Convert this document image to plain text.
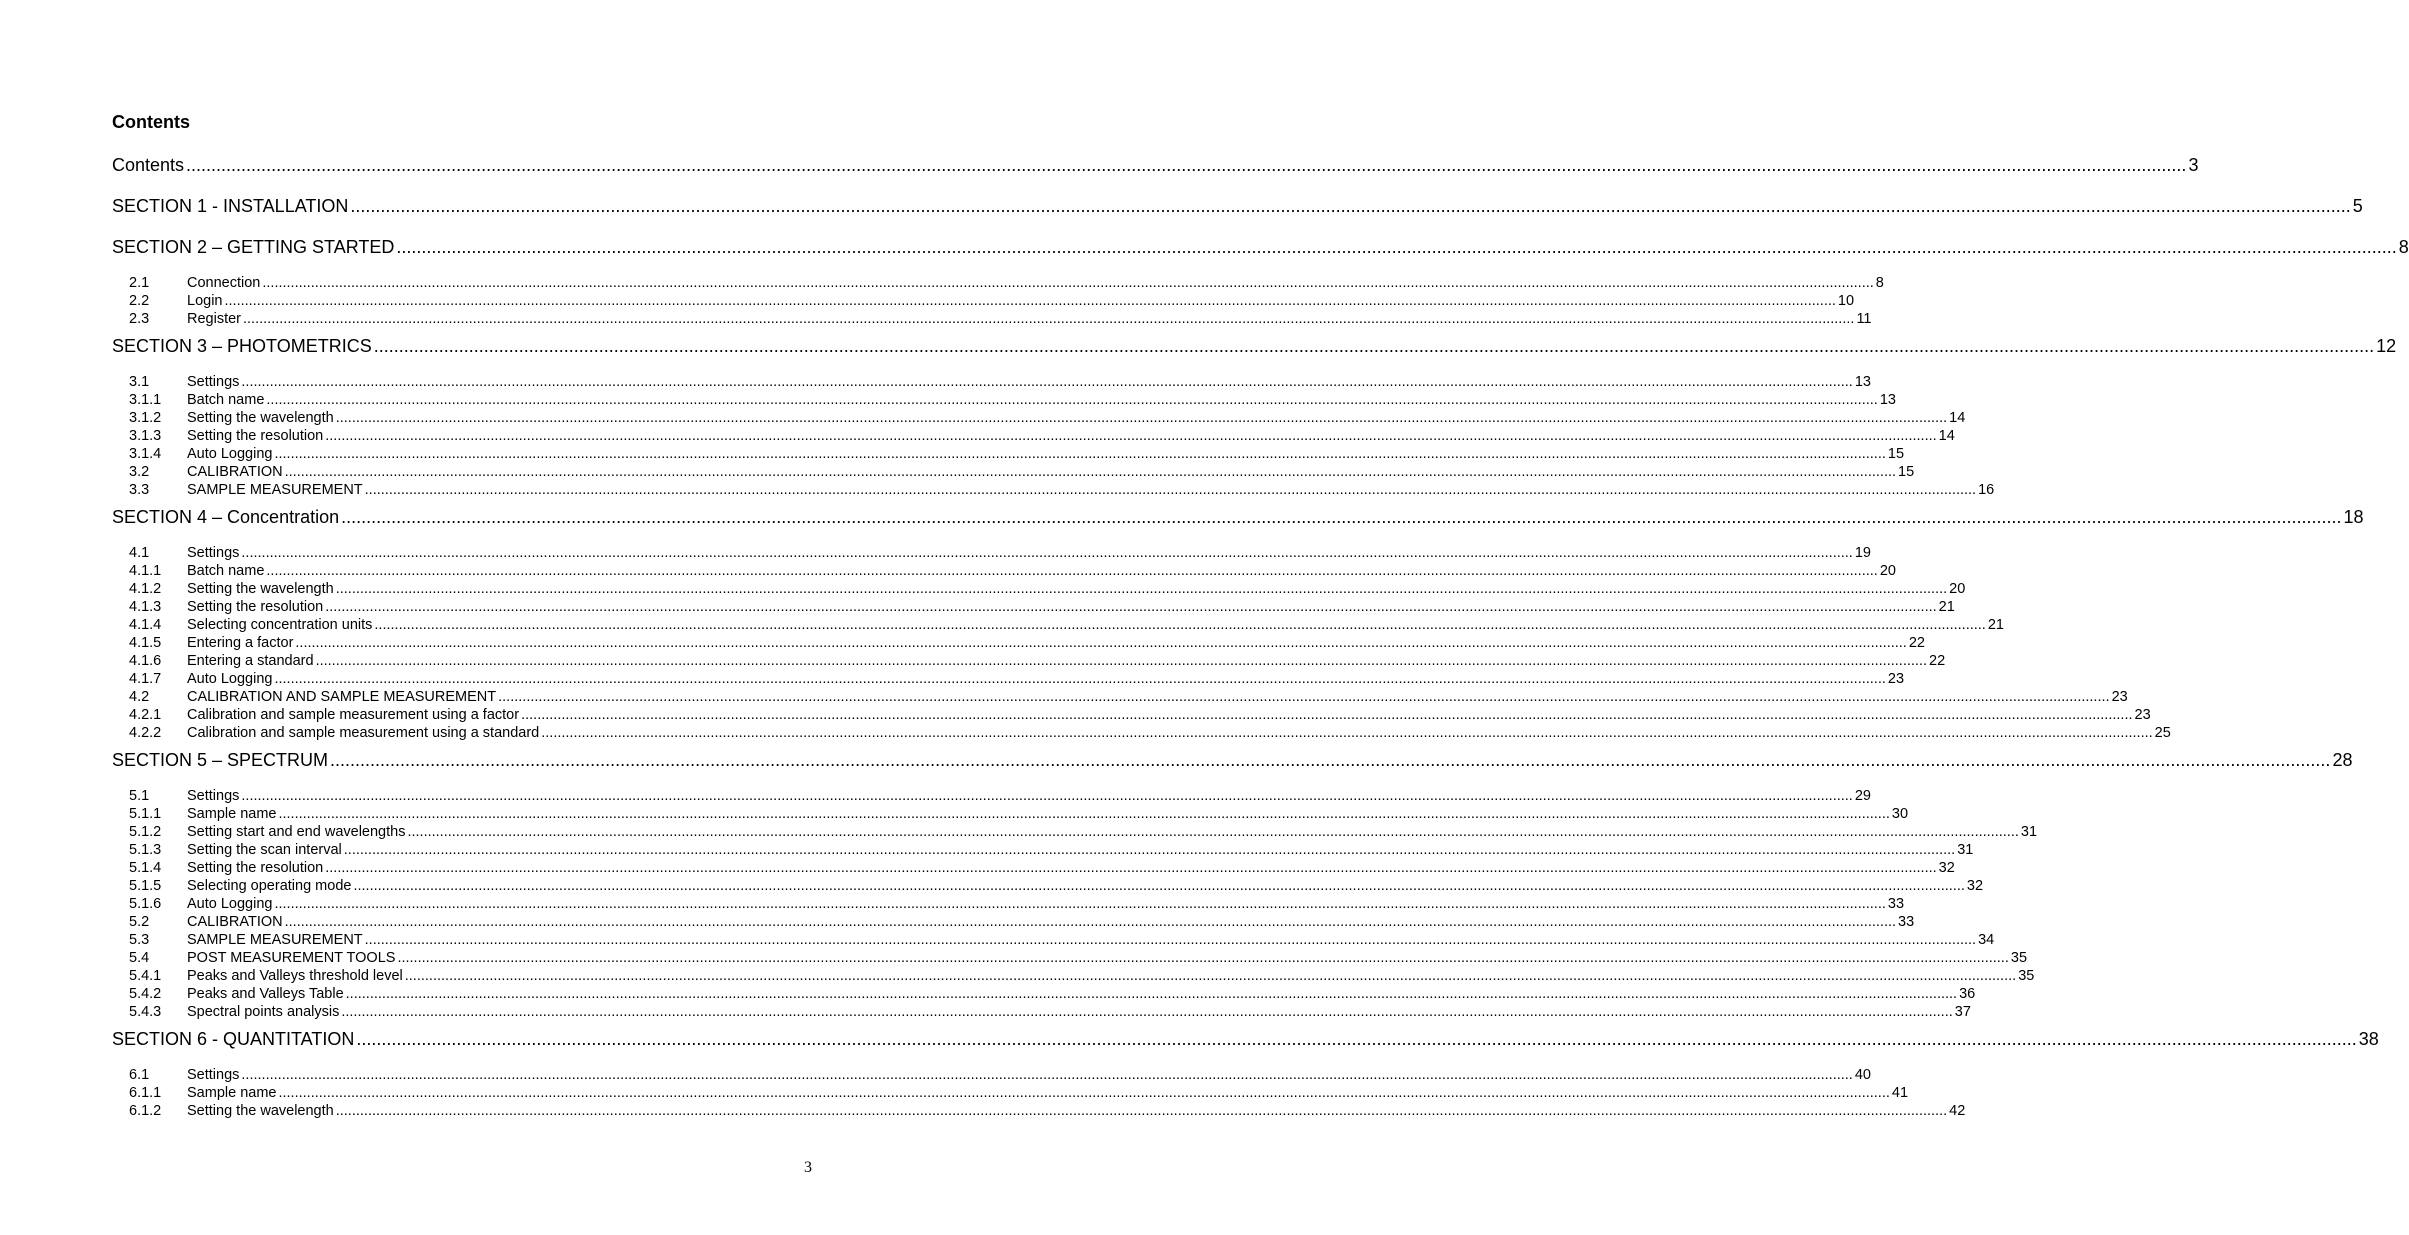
Contents
Contents ................................................................................................................................................................................................................................................................................................................................................................................................................ 3
SECTION 1 - INSTALLATION ................................................................................................................................................................................................................................................................................................................................................................................................................ 5
SECTION 2 – GETTING STARTED ................................................................................................................................................................................................................................................................................................................................................................................................................ 8
2.1	Connection ................................................................................................................................................................................................................................................................................................................................................................................................................ 8
2.2	Login ................................................................................................................................................................................................................................................................................................................................................................................................................ 10
2.3	Register ................................................................................................................................................................................................................................................................................................................................................................................................................ 11
SECTION 3 – PHOTOMETRICS ................................................................................................................................................................................................................................................................................................................................................................................................................ 12
3.1	Settings ................................................................................................................................................................................................................................................................................................................................................................................................................ 13
3.1.1	Batch name ................................................................................................................................................................................................................................................................................................................................................................................................................ 13
3.1.2	Setting the wavelength ................................................................................................................................................................................................................................................................................................................................................................................................................ 14
3.1.3	Setting the resolution ................................................................................................................................................................................................................................................................................................................................................................................................................ 14
3.1.4	Auto Logging ................................................................................................................................................................................................................................................................................................................................................................................................................ 15
3.2	CALIBRATION ................................................................................................................................................................................................................................................................................................................................................................................................................ 15
3.3	SAMPLE MEASUREMENT ................................................................................................................................................................................................................................................................................................................................................................................................................ 16
SECTION 4 – Concentration ................................................................................................................................................................................................................................................................................................................................................................................................................ 18
4.1	Settings ................................................................................................................................................................................................................................................................................................................................................................................................................ 19
4.1.1	Batch name ................................................................................................................................................................................................................................................................................................................................................................................................................ 20
4.1.2	Setting the wavelength ................................................................................................................................................................................................................................................................................................................................................................................................................ 20
4.1.3	Setting the resolution ................................................................................................................................................................................................................................................................................................................................................................................................................ 21
4.1.4	Selecting concentration units ................................................................................................................................................................................................................................................................................................................................................................................................................ 21
4.1.5	Entering a factor ................................................................................................................................................................................................................................................................................................................................................................................................................ 22
4.1.6	Entering a standard ................................................................................................................................................................................................................................................................................................................................................................................................................ 22
4.1.7	Auto Logging ................................................................................................................................................................................................................................................................................................................................................................................................................ 23
4.2	CALIBRATION AND SAMPLE MEASUREMENT ................................................................................................................................................................................................................................................................................................................................................................................................................ 23
4.2.1	Calibration and sample measurement using a factor ................................................................................................................................................................................................................................................................................................................................................................................................................ 23
4.2.2	Calibration and sample measurement using a standard ................................................................................................................................................................................................................................................................................................................................................................................................................ 25
SECTION 5 – SPECTRUM ................................................................................................................................................................................................................................................................................................................................................................................................................ 28
5.1	Settings ................................................................................................................................................................................................................................................................................................................................................................................................................ 29
5.1.1	Sample name ................................................................................................................................................................................................................................................................................................................................................................................................................ 30
5.1.2	Setting start and end wavelengths ................................................................................................................................................................................................................................................................................................................................................................................................................ 31
5.1.3	Setting the scan interval ................................................................................................................................................................................................................................................................................................................................................................................................................ 31
5.1.4	Setting the resolution ................................................................................................................................................................................................................................................................................................................................................................................................................ 32
5.1.5	Selecting operating mode ................................................................................................................................................................................................................................................................................................................................................................................................................ 32
5.1.6	Auto Logging ................................................................................................................................................................................................................................................................................................................................................................................................................ 33
5.2	CALIBRATION ................................................................................................................................................................................................................................................................................................................................................................................................................ 33
5.3	SAMPLE MEASUREMENT ................................................................................................................................................................................................................................................................................................................................................................................................................ 34
5.4	POST MEASUREMENT TOOLS ................................................................................................................................................................................................................................................................................................................................................................................................................ 35
5.4.1	Peaks and Valleys threshold level ................................................................................................................................................................................................................................................................................................................................................................................................................ 35
5.4.2	Peaks and Valleys Table ................................................................................................................................................................................................................................................................................................................................................................................................................ 36
5.4.3	Spectral points analysis ................................................................................................................................................................................................................................................................................................................................................................................................................ 37
SECTION 6 - QUANTITATION ................................................................................................................................................................................................................................................................................................................................................................................................................ 38
6.1	Settings ................................................................................................................................................................................................................................................................................................................................................................................................................ 40
6.1.1	Sample name ................................................................................................................................................................................................................................................................................................................................................................................................................ 41
6.1.2	Setting the wavelength ................................................................................................................................................................................................................................................................................................................................................................................................................ 42
3
